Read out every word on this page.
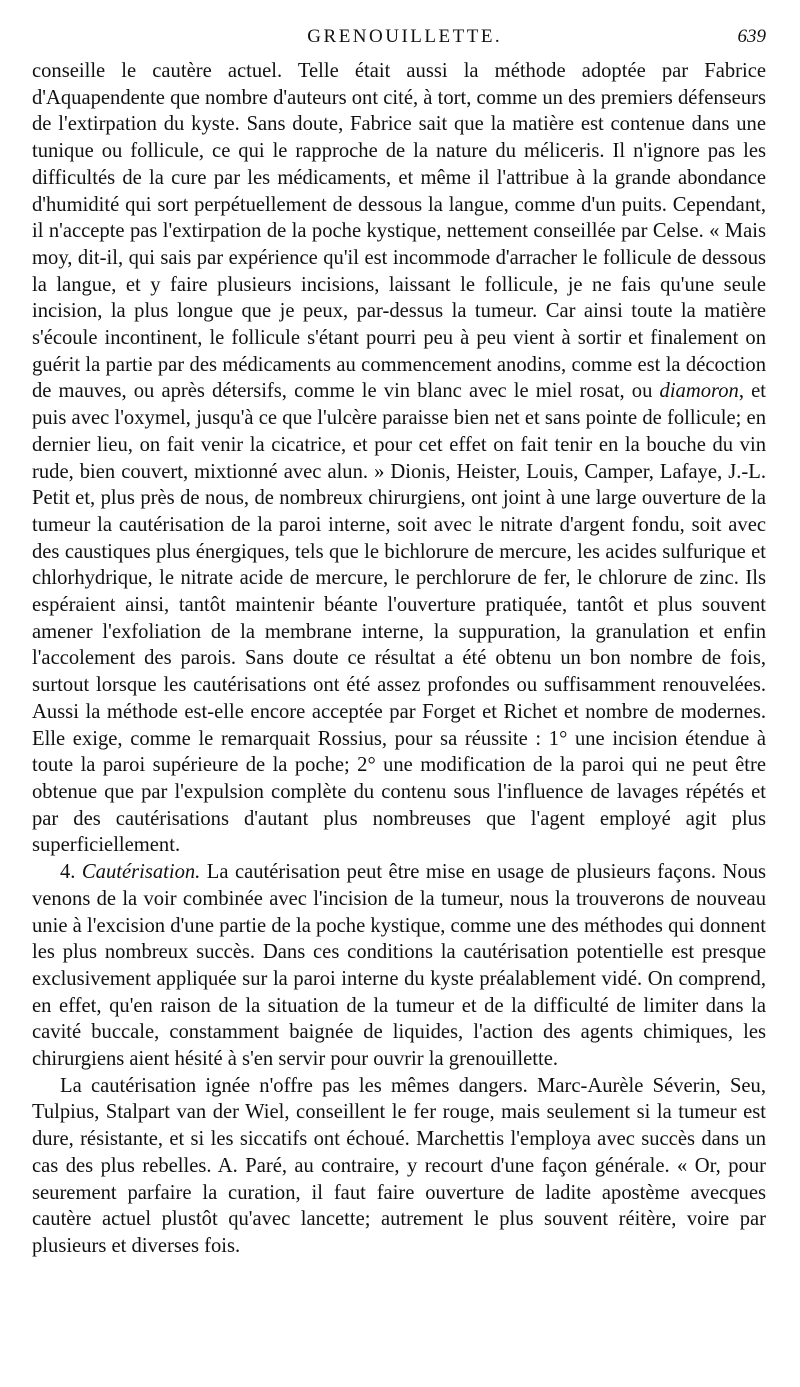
GRENOUILLETTE.	639

conseille le cautère actuel. Telle était aussi la méthode adoptée par Fabrice d'Aquapendente que nombre d'auteurs ont cité, à tort, comme un des premiers défenseurs de l'extirpation du kyste. Sans doute, Fabrice sait que la matière est contenue dans une tunique ou follicule, ce qui le rapproche de la nature du méliceris. Il n'ignore pas les difficultés de la cure par les médicaments, et même il l'attribue à la grande abondance d'humidité qui sort perpétuellement de dessous la langue, comme d'un puits. Cependant, il n'accepte pas l'extirpation de la poche kystique, nettement conseillée par Celse. « Mais moy, dit-il, qui sais par expérience qu'il est incommode d'arracher le follicule de dessous la langue, et y faire plusieurs incisions, laissant le follicule, je ne fais qu'une seule incision, la plus longue que je peux, par-dessus la tumeur. Car ainsi toute la matière s'écoule incontinent, le follicule s'étant pourri peu à peu vient à sortir et finalement on guérit la partie par des médicaments au commencement anodins, comme est la décoction de mauves, ou après détersifs, comme le vin blanc avec le miel rosat, ou diamoron, et puis avec l'oxymel, jusqu'à ce que l'ulcère paraisse bien net et sans pointe de follicule; en dernier lieu, on fait venir la cicatrice, et pour cet effet on fait tenir en la bouche du vin rude, bien couvert, mixtionné avec alun. » Dionis, Heister, Louis, Camper, Lafaye, J.-L. Petit et, plus près de nous, de nombreux chirurgiens, ont joint à une large ouverture de la tumeur la cautérisation de la paroi interne, soit avec le nitrate d'argent fondu, soit avec des caustiques plus énergiques, tels que le bichlorure de mercure, les acides sulfurique et chlorhydrique, le nitrate acide de mercure, le perchlorure de fer, le chlorure de zinc. Ils espéraient ainsi, tantôt maintenir béante l'ouverture pratiquée, tantôt et plus souvent amener l'exfoliation de la membrane interne, la suppuration, la granulation et enfin l'accolement des parois. Sans doute ce résultat a été obtenu un bon nombre de fois, surtout lorsque les cautérisations ont été assez profondes ou suffisamment renouvelées. Aussi la méthode est-elle encore acceptée par Forget et Richet et nombre de modernes. Elle exige, comme le remarquait Rossius, pour sa réussite : 1° une incision étendue à toute la paroi supérieure de la poche; 2° une modification de la paroi qui ne peut être obtenue que par l'expulsion complète du contenu sous l'influence de lavages répétés et par des cautérisations d'autant plus nombreuses que l'agent employé agit plus superficiellement.

4. Cautérisation. La cautérisation peut être mise en usage de plusieurs façons. Nous venons de la voir combinée avec l'incision de la tumeur, nous la trouverons de nouveau unie à l'excision d'une partie de la poche kystique, comme une des méthodes qui donnent les plus nombreux succès. Dans ces conditions la cautérisation potentielle est presque exclusivement appliquée sur la paroi interne du kyste préalablement vidé. On comprend, en effet, qu'en raison de la situation de la tumeur et de la difficulté de limiter dans la cavité buccale, constamment baignée de liquides, l'action des agents chimiques, les chirurgiens aient hésité à s'en servir pour ouvrir la grenouillette.

La cautérisation ignée n'offre pas les mêmes dangers. Marc-Aurèle Séverin, Seu, Tulpius, Stalpart van der Wiel, conseillent le fer rouge, mais seulement si la tumeur est dure, résistante, et si les siccatifs ont échoué. Marchettis l'employa avec succès dans un cas des plus rebelles. A. Paré, au contraire, y recourt d'une façon générale. « Or, pour seurement parfaire la curation, il faut faire ouverture de ladite apostème avecques cautère actuel plustôt qu'avec lancette; autrement le plus souvent réitère, voire par plusieurs et diverses fois.
